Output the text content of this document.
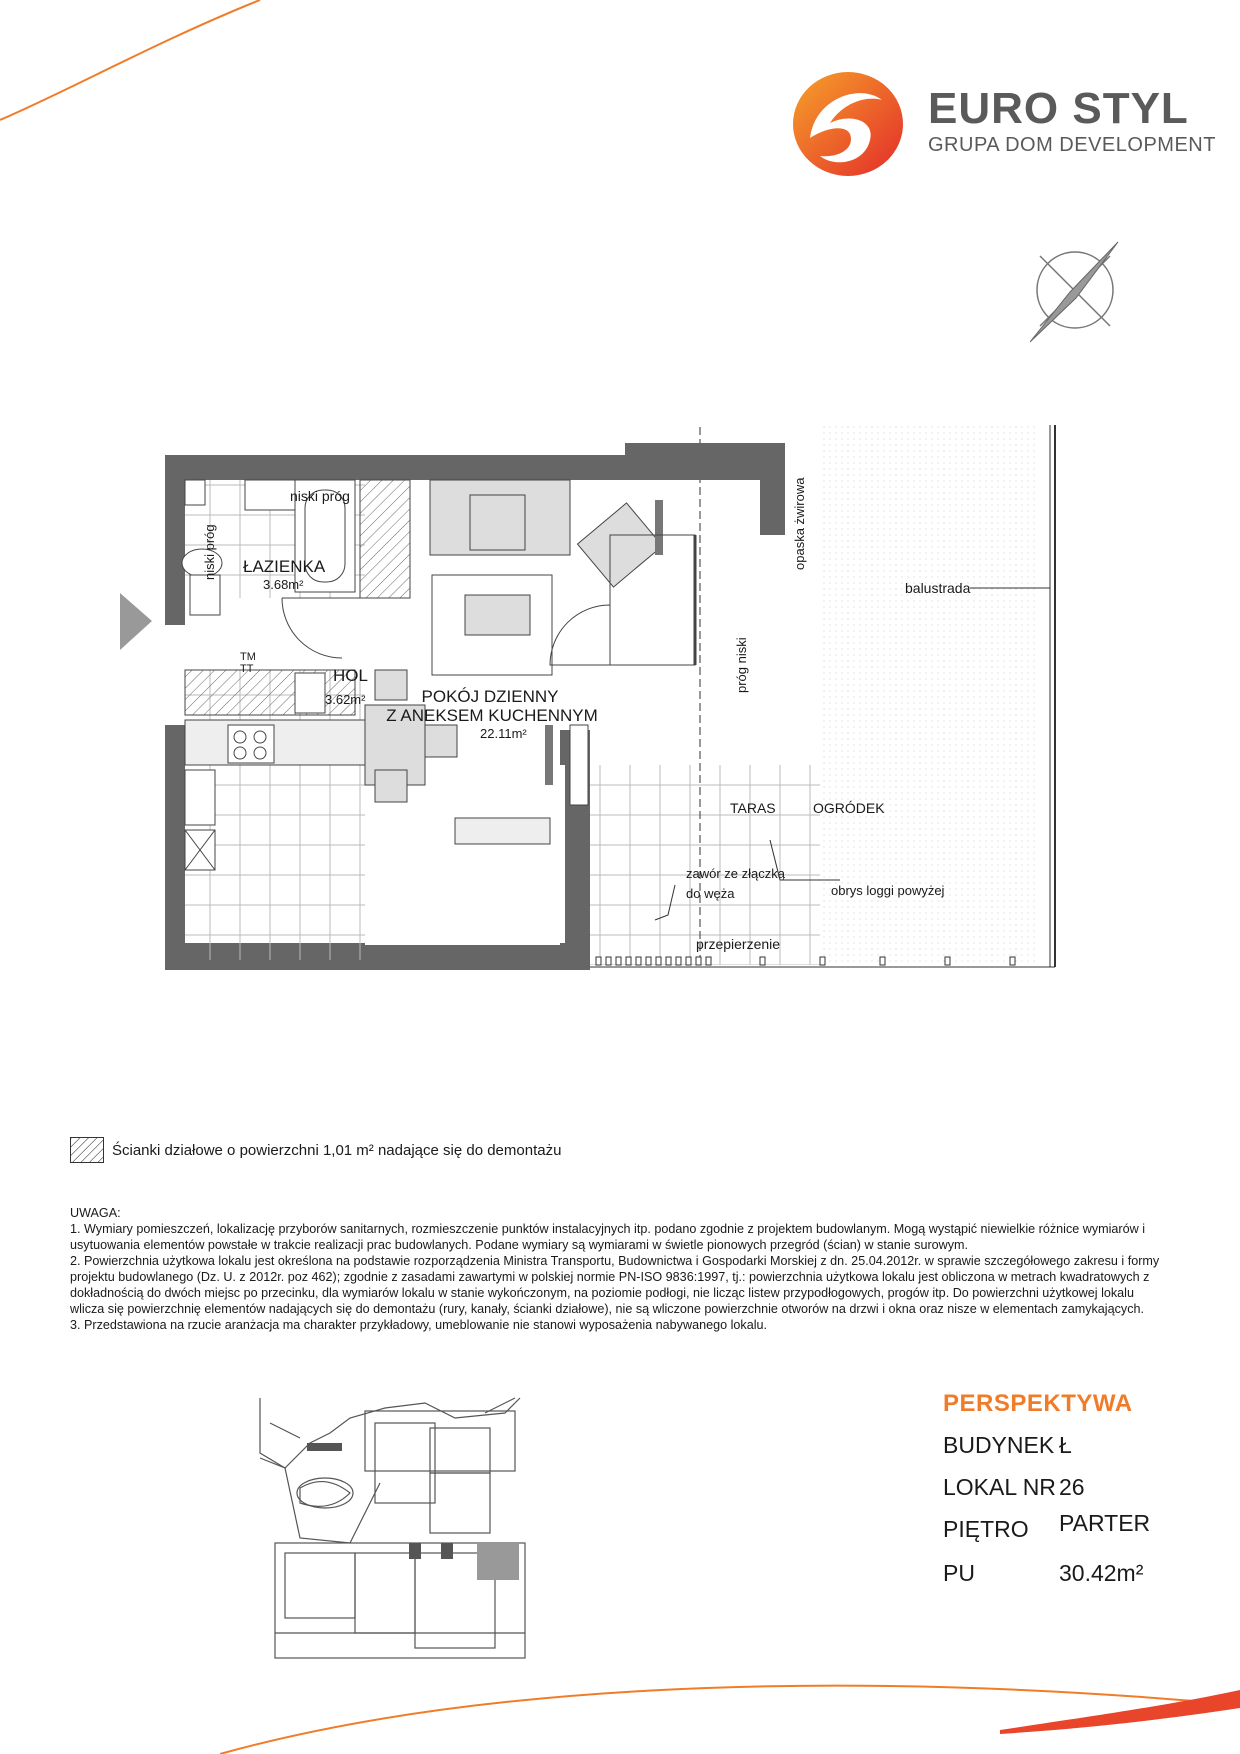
EURO STYL
GRUPA DOM DEVELOPMENT
ŁAZIENKA
3.68m²
HOL
3.62m²	POKÓJ DZIENNY
Z ANEKSEM KUCHENNYM
22.11m²
niski próg
niski próg
TM TT	próg niski
opaska żwirowa
balustrada
TARAS	OGRÓDEK
zawór ze złączką
do węża	obrys loggi powyżej
przepierzenie
Ścianki działowe o powierzchni 1,01 m² nadające się do demontażu

UWAGA:

1. Wymiary pomieszczeń, lokalizację przyborów sanitarnych, rozmieszczenie punktów instalacyjnych itp. podano zgodnie z projektem budowlanym. Mogą wystąpić niewielkie różnice wymiarów i usytuowania elementów powstałe w trakcie realizacji prac budowlanych. Podane wymiary są wymiarami w świetle pionowych przegród (ścian) w stanie surowym.

2. Powierzchnia użytkowa lokalu jest określona na podstawie rozporządzenia Ministra Transportu, Budownictwa i Gospodarki Morskiej z dn. 25.04.2012r. w sprawie szczegółowego zakresu i formy projektu budowlanego (Dz. U. z 2012r. poz 462); zgodnie z zasadami zawartymi w polskiej normie PN-ISO 9836:1997, tj.: powierzchnia użytkowa lokalu jest obliczona w metrach kwadratowych z dokładnością do dwóch miejsc po przecinku, dla wymiarów lokalu w stanie wykończonym, na poziomie podłogi, nie licząc listew przypodłogowych, progów itp. Do powierzchni użytkowej lokalu wlicza się powierzchnię elementów nadających się do demontażu (rury, kanały, ścianki działowe), nie są wliczone powierzchnie otworów na drzwi i okna oraz nisze w elementach zamykających.

3. Przedstawiona na rzucie aranżacja ma charakter przykładowy, umeblowanie nie stanowi wyposażenia nabywanego lokalu.

PERSPEKTYWA
BUDYNEK Ł
LOKAL NR 26
PIĘTRO PARTER
PU	30.42m²
